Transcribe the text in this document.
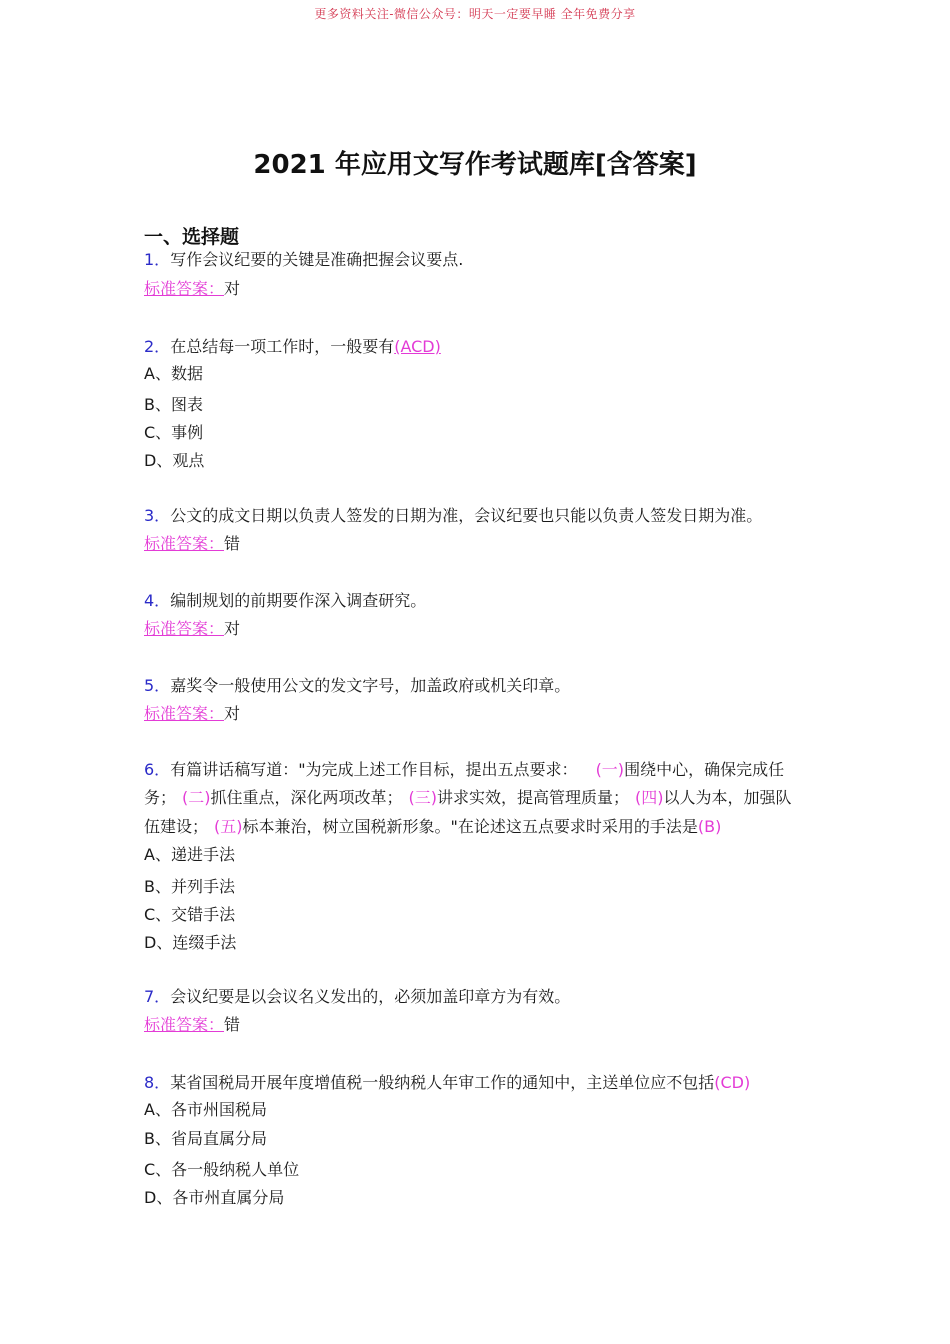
更多资料关注-微信公众号：明天一定要早睡 全年免费分享
2021 年应用文写作考试题库[含答案]
一、选择题
1．写作会议纪要的关键是准确把握会议要点.
标准答案：对
2．在总结每一项工作时，一般要有(ACD)
A、数据
B、图表
C、事例
D、观点
3．公文的成文日期以负责人签发的日期为准，会议纪要也只能以负责人签发日期为准。
标准答案：错
4．编制规划的前期要作深入调查研究。
标准答案：对
5．嘉奖令一般使用公文的发文字号，加盖政府或机关印章。
标准答案：对
6．有篇讲话稿写道："为完成上述工作目标，提出五点要求： (一)围绕中心，确保完成任
务； (二)抓住重点，深化两项改革； (三)讲求实效，提高管理质量； (四)以人为本，加强队
伍建设； (五)标本兼治，树立国税新形象。"在论述这五点要求时采用的手法是(B)
A、递进手法
B、并列手法
C、交错手法
D、连缀手法
7．会议纪要是以会议名义发出的，必须加盖印章方为有效。
标准答案：错
8．某省国税局开展年度增值税一般纳税人年审工作的通知中，主送单位应不包括(CD)
A、各市州国税局
B、省局直属分局
C、各一般纳税人单位
D、各市州直属分局
